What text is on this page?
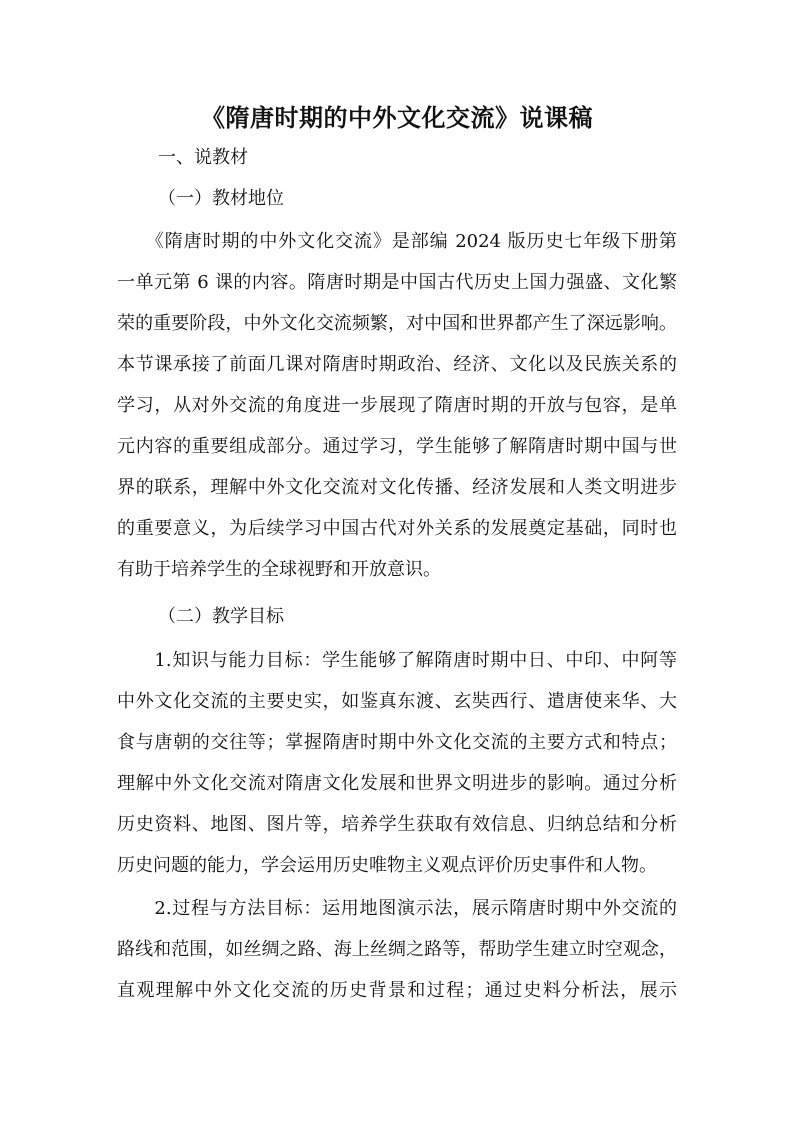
《隋唐时期的中外文化交流》说课稿

一、说教材

（一）教材地位

　　《隋唐时期的中外文化交流》是部编 2024 版历史七年级下册第
一单元第 6 课的内容。隋唐时期是中国古代历史上国力强盛、文化繁
荣的重要阶段，中外文化交流频繁，对中国和世界都产生了深远影响。
本节课承接了前面几课对隋唐时期政治、经济、文化以及民族关系的
学习，从对外交流的角度进一步展现了隋唐时期的开放与包容，是单
元内容的重要组成部分。通过学习，学生能够了解隋唐时期中国与世
界的联系，理解中外文化交流对文化传播、经济发展和人类文明进步
的重要意义，为后续学习中国古代对外关系的发展奠定基础，同时也
有助于培养学生的全球视野和开放意识。

（二）教学目标

　　1.知识与能力目标：学生能够了解隋唐时期中日、中印、中阿等
中外文化交流的主要史实，如鉴真东渡、玄奘西行、遣唐使来华、大
食与唐朝的交往等；掌握隋唐时期中外文化交流的主要方式和特点；
理解中外文化交流对隋唐文化发展和世界文明进步的影响。通过分析
历史资料、地图、图片等，培养学生获取有效信息、归纳总结和分析
历史问题的能力，学会运用历史唯物主义观点评价历史事件和人物。
　　2.过程与方法目标：运用地图演示法，展示隋唐时期中外交流的
路线和范围，如丝绸之路、海上丝绸之路等，帮助学生建立时空观念，
直观理解中外文化交流的历史背景和过程；通过史料分析法，展示
